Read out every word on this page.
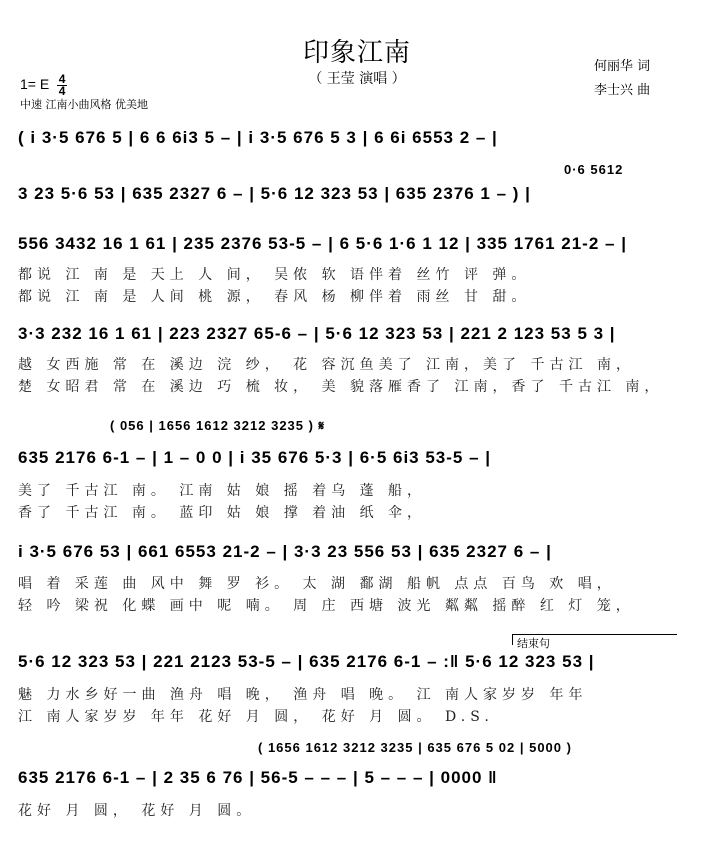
印象江南
（ 王莹 演唱 ）
何丽华 词
李士兴 曲
1= E $\frac{4}{4}$
中速 江南小曲风格 优美地
( i 3·5 676 5 | 6 6 6i3 5 – | i 3·5 676 5 3 | 6 6i 6553 2 – |
0·6 5612
3 23 5·6 53 | 635 2327 6 – | 5·6 12 323 53 | 635 2376 1 – ) |
556 3432 16 1 61 | 235 2376 53-5 – | 6 5·6 1·6 1 12 | 335 1761 21-2 – |
都说 江 南 是 天上 人 间， 吴侬 软 语伴着 丝竹 评 弹。
都说 江 南 是 人间 桃 源， 春风 杨 柳伴着 雨丝 甘 甜。
3·3 232 16 1 61 | 223 2327 65-6 – | 5·6 12 323 53 | 221 2 123 53 5 3 |
越 女西施 常 在 溪边 浣 纱， 花 容沉鱼美了 江南，美了 千古江 南，
楚 女昭君 常 在 溪边 巧 梳 妆， 美 貌落雁香了 江南，香了 千古江 南，
( 056 | 1656 1612 3212 3235 ) 𝄋
635 2176 6-1 – | 1 – 0 0 | i 35 676 5·3 | 6·5 6i3 53-5 – |
美了 千古江 南。 江南 姑 娘 摇 着乌 蓬 船，
香了 千古江 南。 蓝印 姑 娘 撑 着油 纸 伞，
i 3·5 676 53 | 661 6553 21-2 – | 3·3 23 556 53 | 635 2327 6 – |
唱 着 采莲 曲 风中 舞 罗 衫。 太 湖 鄱湖 船帆 点点 百鸟 欢 唱，
轻 吟 梁祝 化蝶 画中 呢 喃。 周 庄 西塘 波光 粼粼 摇醉 红 灯 笼，
结束句
5·6 12 323 53 | 221 2123 53-5 – | 635 2176 6-1 – :‖ 5·6 12 323 53 |
魅 力水乡好一曲 渔舟 唱 晚， 渔舟 唱 晚。 江 南人家岁岁 年年
江 南人家岁岁 年年 花好 月 圆， 花好 月 圆。 D.S.
( 1656 1612 3212 3235 | 635 676 5 02 | 5000 )
635 2176 6-1 – | 2 35 6 76 | 56-5 – – – | 5 – – – | 0000 ‖
花好 月 圆， 花好 月 圆。
